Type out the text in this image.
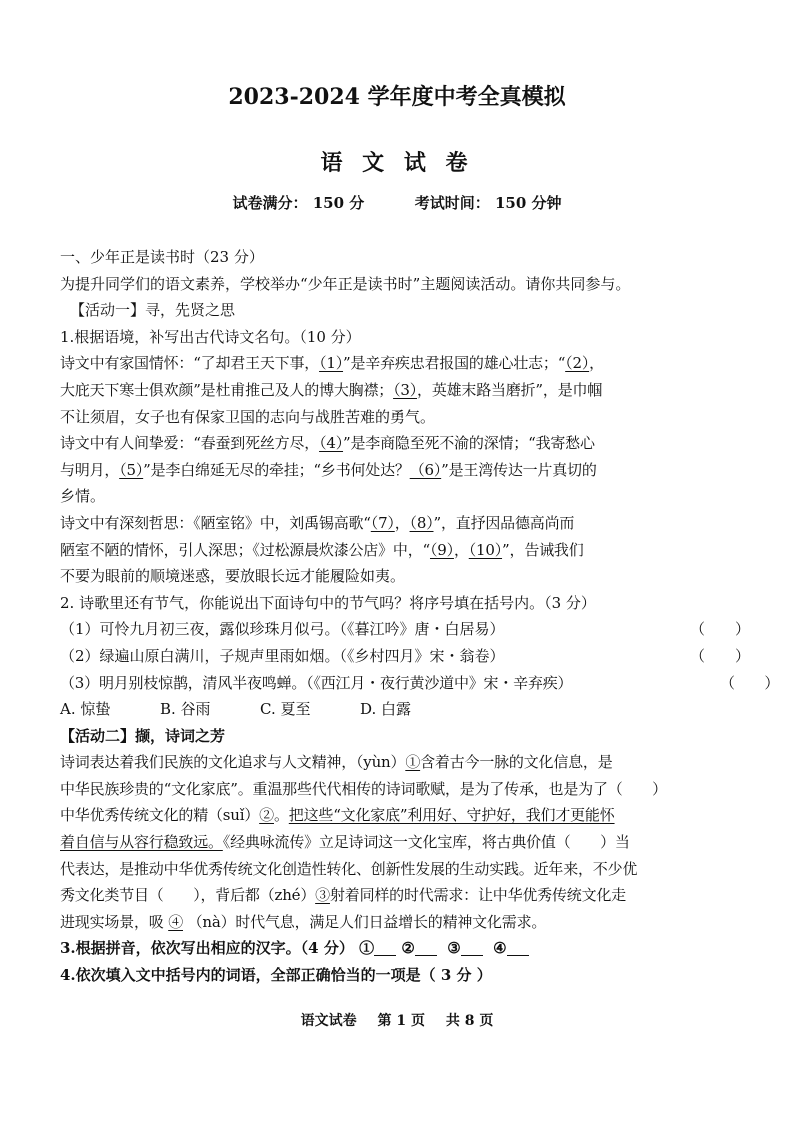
2023-2024 学年度中考全真模拟
语 文 试 卷
试卷满分： 150 分	考试时间： 150 分钟
一、少年正是读书时（23 分）
为提升同学们的语文素养，学校举办“少年正是读书时”主题阅读活动。请你共同参与。
【活动一】寻，先贤之思
1.根据语境，补写出古代诗文名句。（10 分）
诗文中有家国情怀：“了却君王天下事，（1）”是辛弃疾忠君报国的雄心壮志；“（2），
大庇天下寒士俱欢颜”是杜甫推己及人的博大胸襟；（3），英雄末路当磨折”，是巾帼
不让须眉，女子也有保家卫国的志向与战胜苦难的勇气。
诗文中有人间挚爱：“春蚕到死丝方尽，（4）”是李商隐至死不渝的深情；“我寄愁心
与明月，（5）”是李白绵延无尽的牵挂；“乡书何处达？（6）”是王湾传达一片真切的
乡情。
诗文中有深刻哲思：《陋室铭》中，刘禹锡高歌“（7），（8）”，直抒因品德高尚而
陋室不陋的情怀，引人深思；《过松源晨炊漆公店》中，“（9），（10）”，告诫我们
不要为眼前的顺境迷惑，要放眼长远才能履险如夷。
2. 诗歌里还有节气，你能说出下面诗句中的节气吗？将序号填在括号内。（3 分）
（1）可怜九月初三夜，露似珍珠月似弓。（《暮江吟》唐・白居易）	（　　）
（2）绿遍山原白满川，子规声里雨如烟。（《乡村四月》宋・翁卷）	（　　）
（3）明月别枝惊鹊，清风半夜鸣蝉。（《西江月・夜行黄沙道中》宋・辛弃疾）	（　　）
A. 惊蛰	B. 谷雨	C. 夏至	D. 白露
【活动二】撷，诗词之芳
诗词表达着我们民族的文化追求与人文精神，（yùn）①含着古今一脉的文化信息，是
中华民族珍贵的“文化家底”。重温那些代代相传的诗词歌赋，是为了传承，也是为了（　　）
中华优秀传统文化的精（suǐ）②。把这些“文化家底”利用好、守护好，我们才更能怀
着自信与从容行稳致远。《经典咏流传》立足诗词这一文化宝库，将古典价值（　　）当
代表达，是推动中华优秀传统文化创造性转化、创新性发展的生动实践。近年来，不少优
秀文化类节目（　　），背后都（zhé）③射着同样的时代需求：让中华优秀传统文化走
进现实场景，吸 ④ （nà）时代气息，满足人们日益增长的精神文化需求。
3.根据拼音，依次写出相应的汉字。（4 分） ① ② ③ ④
4.依次填入文中括号内的词语，全部正确恰当的一项是（ 3 分 ）
语文试卷 第 1 页 共 8 页
